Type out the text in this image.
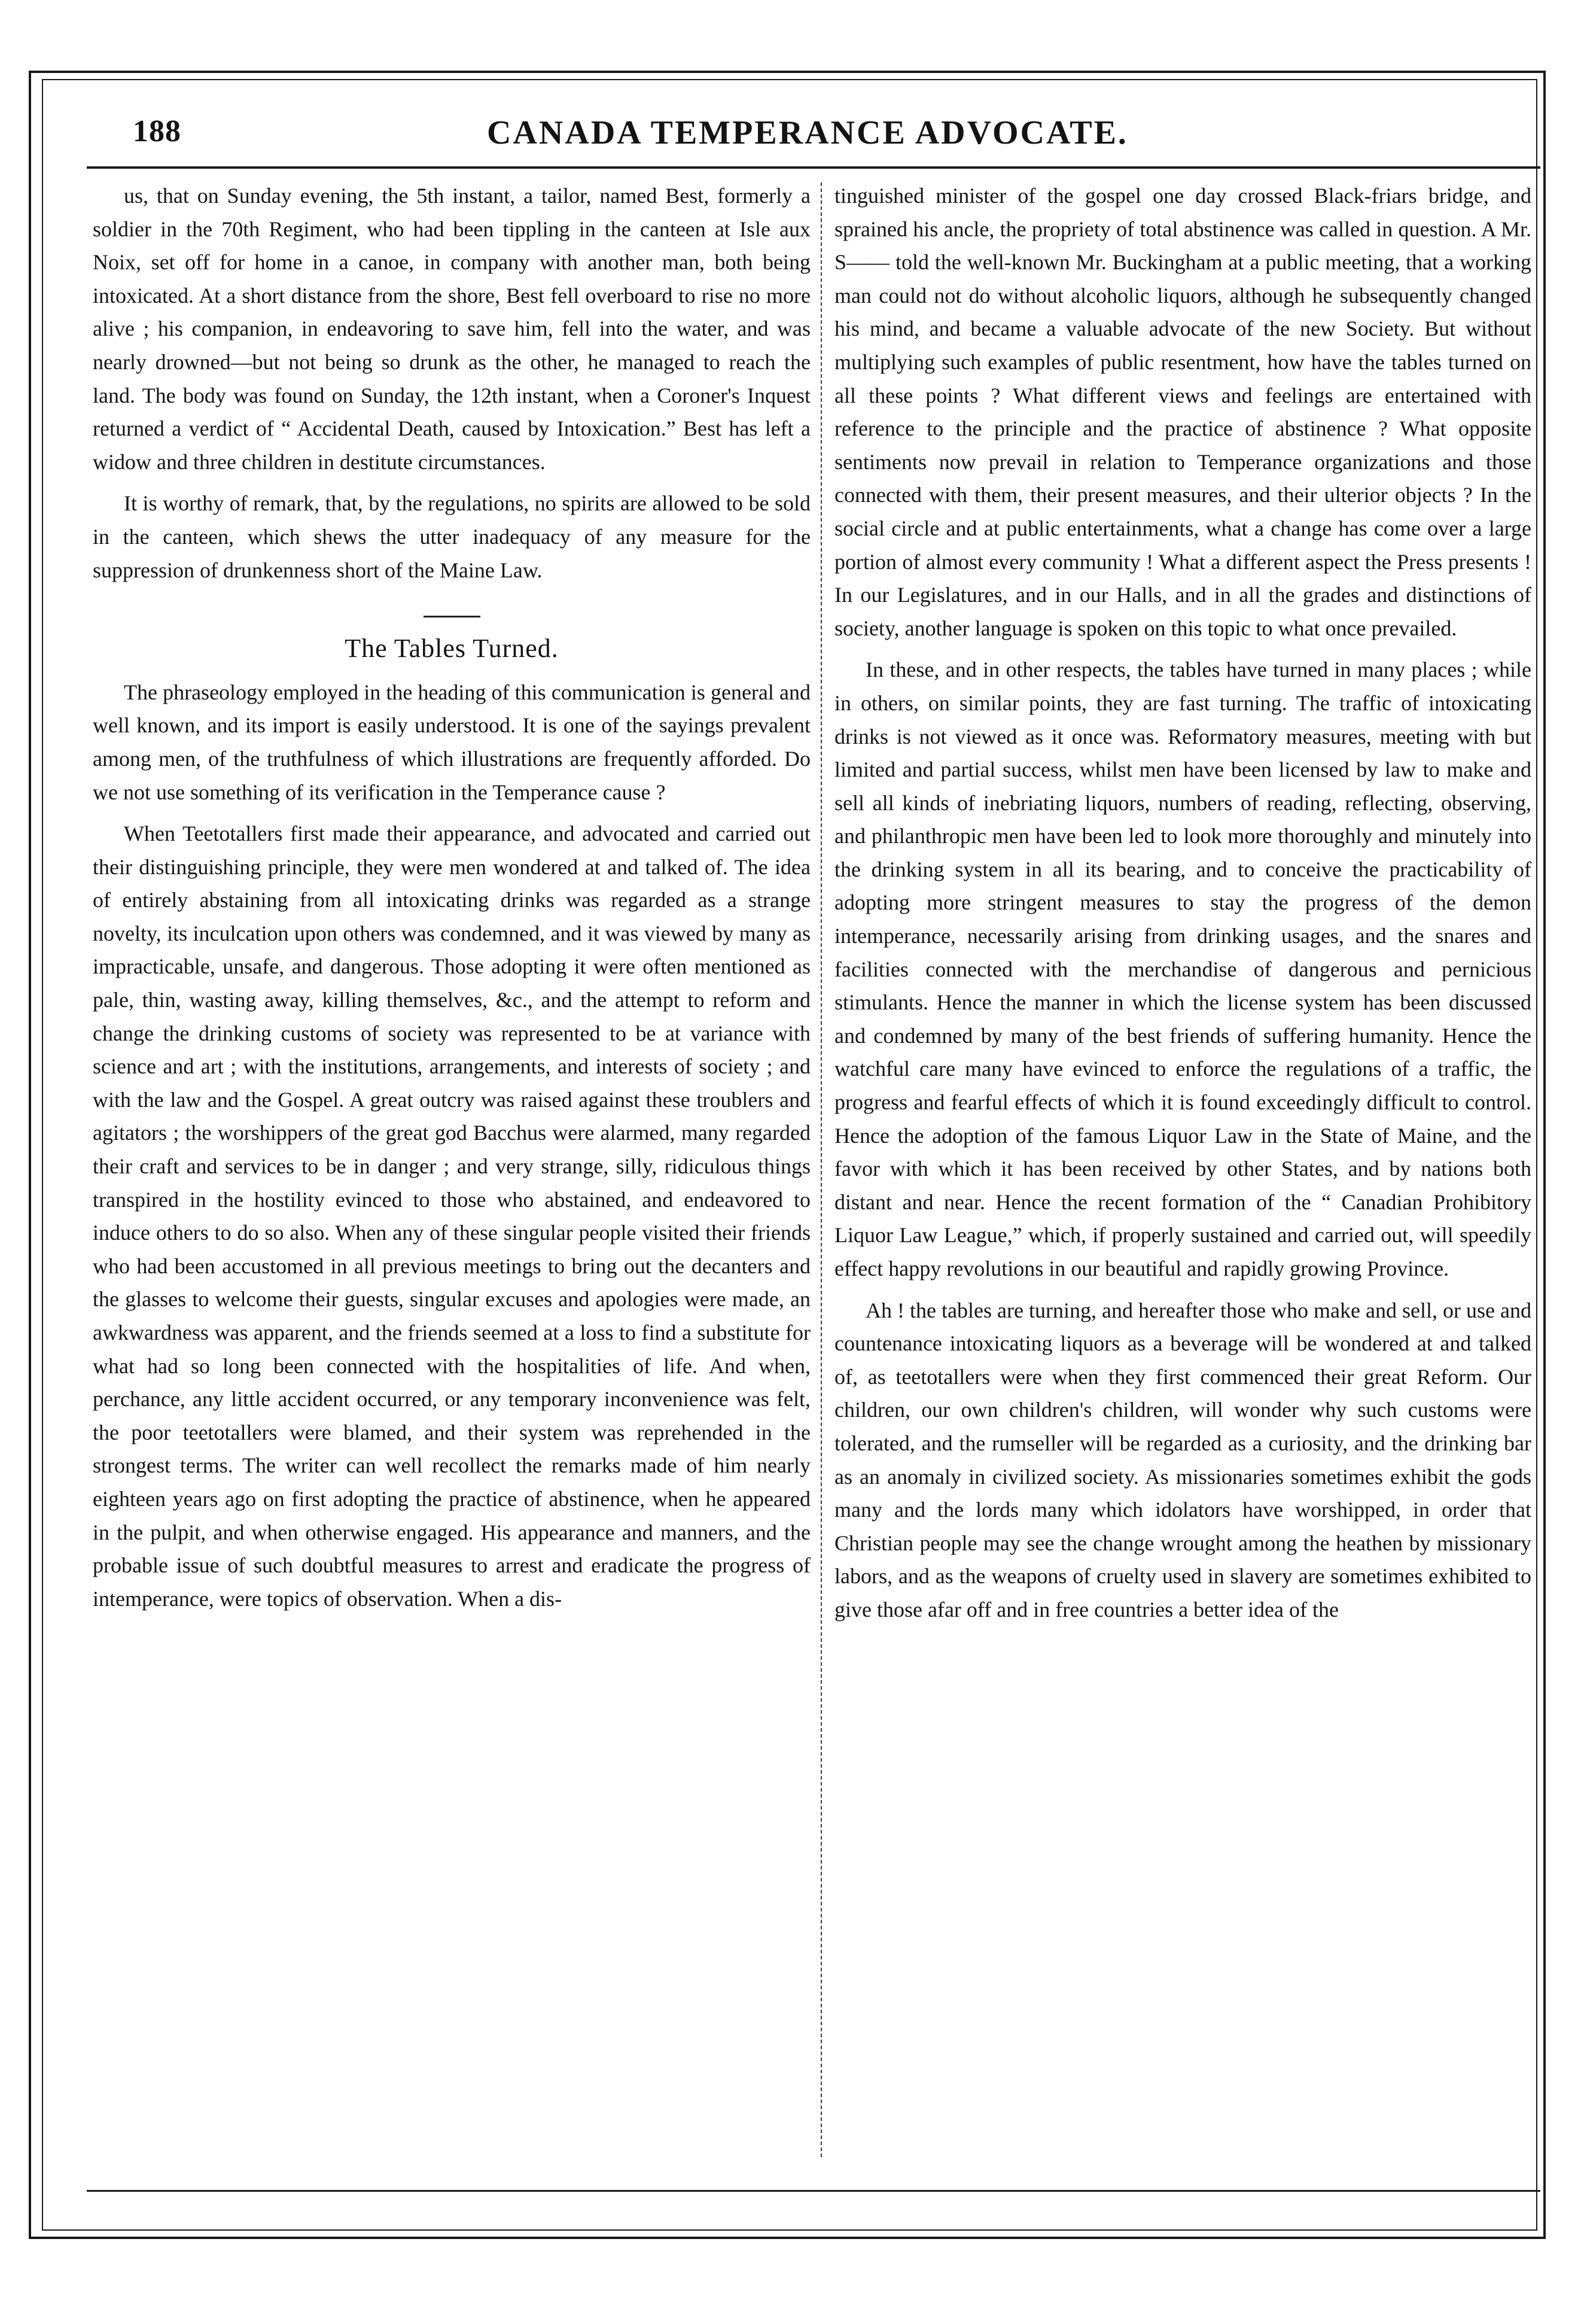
188	CANADA TEMPERANCE ADVOCATE.

us, that on Sunday evening, the 5th instant, a tailor, named Best, formerly a soldier in the 70th Regiment, who had been tippling in the canteen at Isle aux Noix, set off for home in a canoe, in company with another man, both being intoxicated. At a short distance from the shore, Best fell overboard to rise no more alive ; his companion, in endeavoring to save him, fell into the water, and was nearly drowned—but not being so drunk as the other, he managed to reach the land. The body was found on Sunday, the 12th instant, when a Coroner's Inquest returned a verdict of “ Accidental Death, caused by Intoxication.” Best has left a widow and three children in destitute circumstances.

It is worthy of remark, that, by the regulations, no spirits are allowed to be sold in the canteen, which shews the utter inadequacy of any measure for the suppression of drunkenness short of the Maine Law.

The Tables Turned.

The phraseology employed in the heading of this communication is general and well known, and its import is easily understood. It is one of the sayings prevalent among men, of the truthfulness of which illustrations are frequently afforded. Do we not use something of its verification in the Temperance cause ?

When Teetotallers first made their appearance, and advocated and carried out their distinguishing principle, they were men wondered at and talked of. The idea of entirely abstaining from all intoxicating drinks was regarded as a strange novelty, its inculcation upon others was condemned, and it was viewed by many as impracticable, unsafe, and dangerous. Those adopting it were often mentioned as pale, thin, wasting away, killing themselves, &c., and the attempt to reform and change the drinking customs of society was represented to be at variance with science and art ; with the institutions, arrangements, and interests of society ; and with the law and the Gospel. A great outcry was raised against these troublers and agitators ; the worshippers of the great god Bacchus were alarmed, many regarded their craft and services to be in danger ; and very strange, silly, ridiculous things transpired in the hostility evinced to those who abstained, and endeavored to induce others to do so also. When any of these singular people visited their friends who had been accustomed in all previous meetings to bring out the decanters and the glasses to welcome their guests, singular excuses and apologies were made, an awkwardness was apparent, and the friends seemed at a loss to find a substitute for what had so long been connected with the hospitalities of life. And when, perchance, any little accident occurred, or any temporary inconvenience was felt, the poor teetotallers were blamed, and their system was reprehended in the strongest terms. The writer can well recollect the remarks made of him nearly eighteen years ago on first adopting the practice of abstinence, when he appeared in the pulpit, and when otherwise engaged. His appearance and manners, and the probable issue of such doubtful measures to arrest and eradicate the progress of intemperance, were topics of observation. When a dis-

tinguished minister of the gospel one day crossed Black-friars bridge, and sprained his ancle, the propriety of total abstinence was called in question. A Mr. S—— told the well-known Mr. Buckingham at a public meeting, that a working man could not do without alcoholic liquors, although he subsequently changed his mind, and became a valuable advocate of the new Society. But without multiplying such examples of public resentment, how have the tables turned on all these points ? What different views and feelings are entertained with reference to the principle and the practice of abstinence ? What opposite sentiments now prevail in relation to Temperance organizations and those connected with them, their present measures, and their ulterior objects ? In the social circle and at public entertainments, what a change has come over a large portion of almost every community ! What a different aspect the Press presents ! In our Legislatures, and in our Halls, and in all the grades and distinctions of society, another language is spoken on this topic to what once prevailed.

In these, and in other respects, the tables have turned in many places ; while in others, on similar points, they are fast turning. The traffic of intoxicating drinks is not viewed as it once was. Reformatory measures, meeting with but limited and partial success, whilst men have been licensed by law to make and sell all kinds of inebriating liquors, numbers of reading, reflecting, observing, and philanthropic men have been led to look more thoroughly and minutely into the drinking system in all its bearing, and to conceive the practicability of adopting more stringent measures to stay the progress of the demon intemperance, necessarily arising from drinking usages, and the snares and facilities connected with the merchandise of dangerous and pernicious stimulants. Hence the manner in which the license system has been discussed and condemned by many of the best friends of suffering humanity. Hence the watchful care many have evinced to enforce the regulations of a traffic, the progress and fearful effects of which it is found exceedingly difficult to control. Hence the adoption of the famous Liquor Law in the State of Maine, and the favor with which it has been received by other States, and by nations both distant and near. Hence the recent formation of the “ Canadian Prohibitory Liquor Law League,” which, if properly sustained and carried out, will speedily effect happy revolutions in our beautiful and rapidly growing Province.

Ah ! the tables are turning, and hereafter those who make and sell, or use and countenance intoxicating liquors as a beverage will be wondered at and talked of, as teetotallers were when they first commenced their great Reform. Our children, our own children's children, will wonder why such customs were tolerated, and the rumseller will be regarded as a curiosity, and the drinking bar as an anomaly in civilized society. As missionaries sometimes exhibit the gods many and the lords many which idolators have worshipped, in order that Christian people may see the change wrought among the heathen by missionary labors, and as the weapons of cruelty used in slavery are sometimes exhibited to give those afar off and in free countries a better idea of the
